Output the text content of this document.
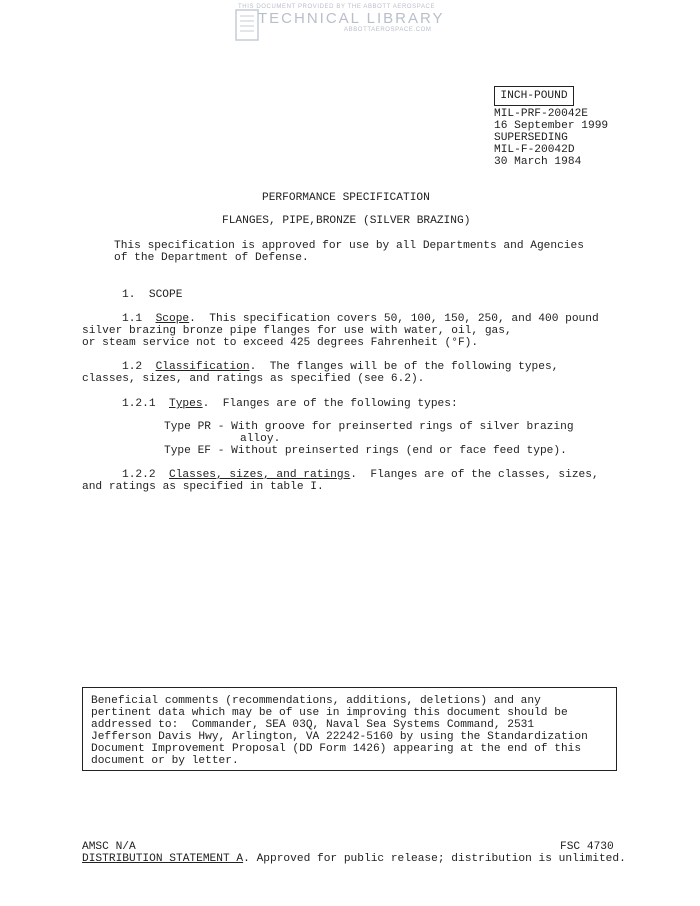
THIS DOCUMENT PROVIDED BY THE ABBOTT AEROSPACE
TECHNICAL LIBRARY
ABBOTTAEROSPACE.COM
INCH-POUND
MIL-PRF-20042E
16 September 1999
SUPERSEDING
MIL-F-20042D
30 March 1984
PERFORMANCE SPECIFICATION
FLANGES, PIPE,BRONZE (SILVER BRAZING)
This specification is approved for use by all Departments and Agencies
of the Department of Defense.
1.  SCOPE
1.1  Scope.  This specification covers 50, 100, 150, 250, and 400 pound
silver brazing bronze pipe flanges for use with water, oil, gas,
or steam service not to exceed 425 degrees Fahrenheit (°F).
1.2  Classification.  The flanges will be of the following types,
classes, sizes, and ratings as specified (see 6.2).
1.2.1  Types.  Flanges are of the following types:
Type PR - With groove for preinserted rings of silver brazing
alloy.
Type EF - Without preinserted rings (end or face feed type).
1.2.2  Classes, sizes, and ratings.  Flanges are of the classes, sizes,
and ratings as specified in table I.
Beneficial comments (recommendations, additions, deletions) and any
pertinent data which may be of use in improving this document should be
addressed to:  Commander, SEA 03Q, Naval Sea Systems Command, 2531
Jefferson Davis Hwy, Arlington, VA 22242-5160 by using the Standardization
Document Improvement Proposal (DD Form 1426) appearing at the end of this
document or by letter.
AMSC N/A	FSC 4730
DISTRIBUTION STATEMENT A. Approved for public release; distribution is unlimited.
